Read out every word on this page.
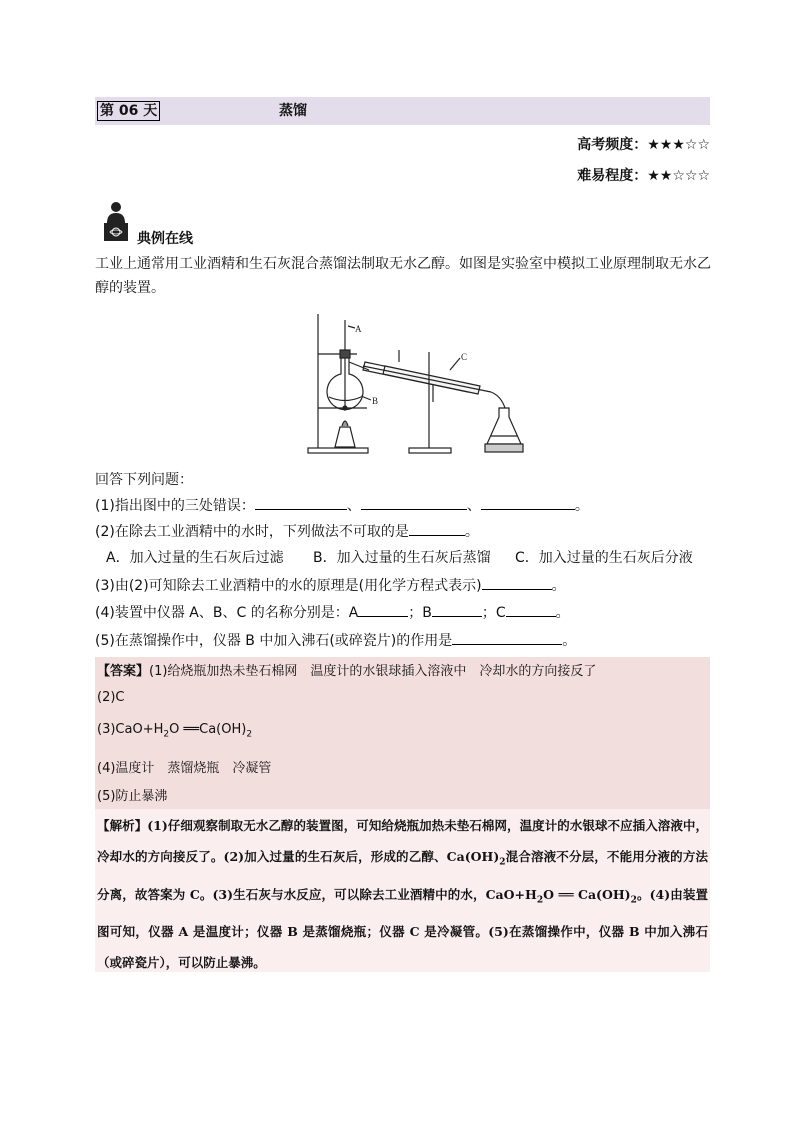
第 06 天	蒸馏
高考频度：★★★☆☆
难易程度：★★☆☆☆
典例在线
工业上通常用工业酒精和生石灰混合蒸馏法制取无水乙醇。如图是实验室中模拟工业原理制取无水乙
醇的装置。
A
B
C
回答下列问题：
(1)指出图中的三处错误：	、	、	。
(2)在除去工业酒精中的水时，下列做法不可取的是	。
A．加入过量的生石灰后过滤 B．加入过量的生石灰后蒸馏 C．加入过量的生石灰后分液
(3)由(2)可知除去工业酒精中的水的原理是(用化学方程式表示)	。
(4)装置中仪器 A、B、C 的名称分别是：A	；B	；C	。
(5)在蒸馏操作中，仪器 B 中加入沸石(或碎瓷片)的作用是	。
【答案】(1)给烧瓶加热未垫石棉网　温度计的水银球插入溶液中　冷却水的方向接反了
(2)C
$(3)CaO+H_2O$ $══Ca(OH)_2$
(4)温度计　蒸馏烧瓶　冷凝管
(5)防止暴沸
【解析】(1)仔细观察制取无水乙醇的装置图，可知给烧瓶加热未垫石棉网，温度计的水银球不应插入溶液中，冷却水的方向接反了。(2)加入过量的生石灰后，形成的乙醇、$Ca(OH)_2$混合溶液不分层，不能用分液的方法分离，故答案为 C。(3)生石灰与水反应，可以除去工业酒精中的水，$CaO+H_2O$ ══ $Ca(OH)_2$。(4)由装置图可知，仪器 A 是温度计；仪器 B 是蒸馏烧瓶；仪器 C 是冷凝管。(5)在蒸馏操作中，仪器 B 中加入沸石（或碎瓷片），可以防止暴沸。
